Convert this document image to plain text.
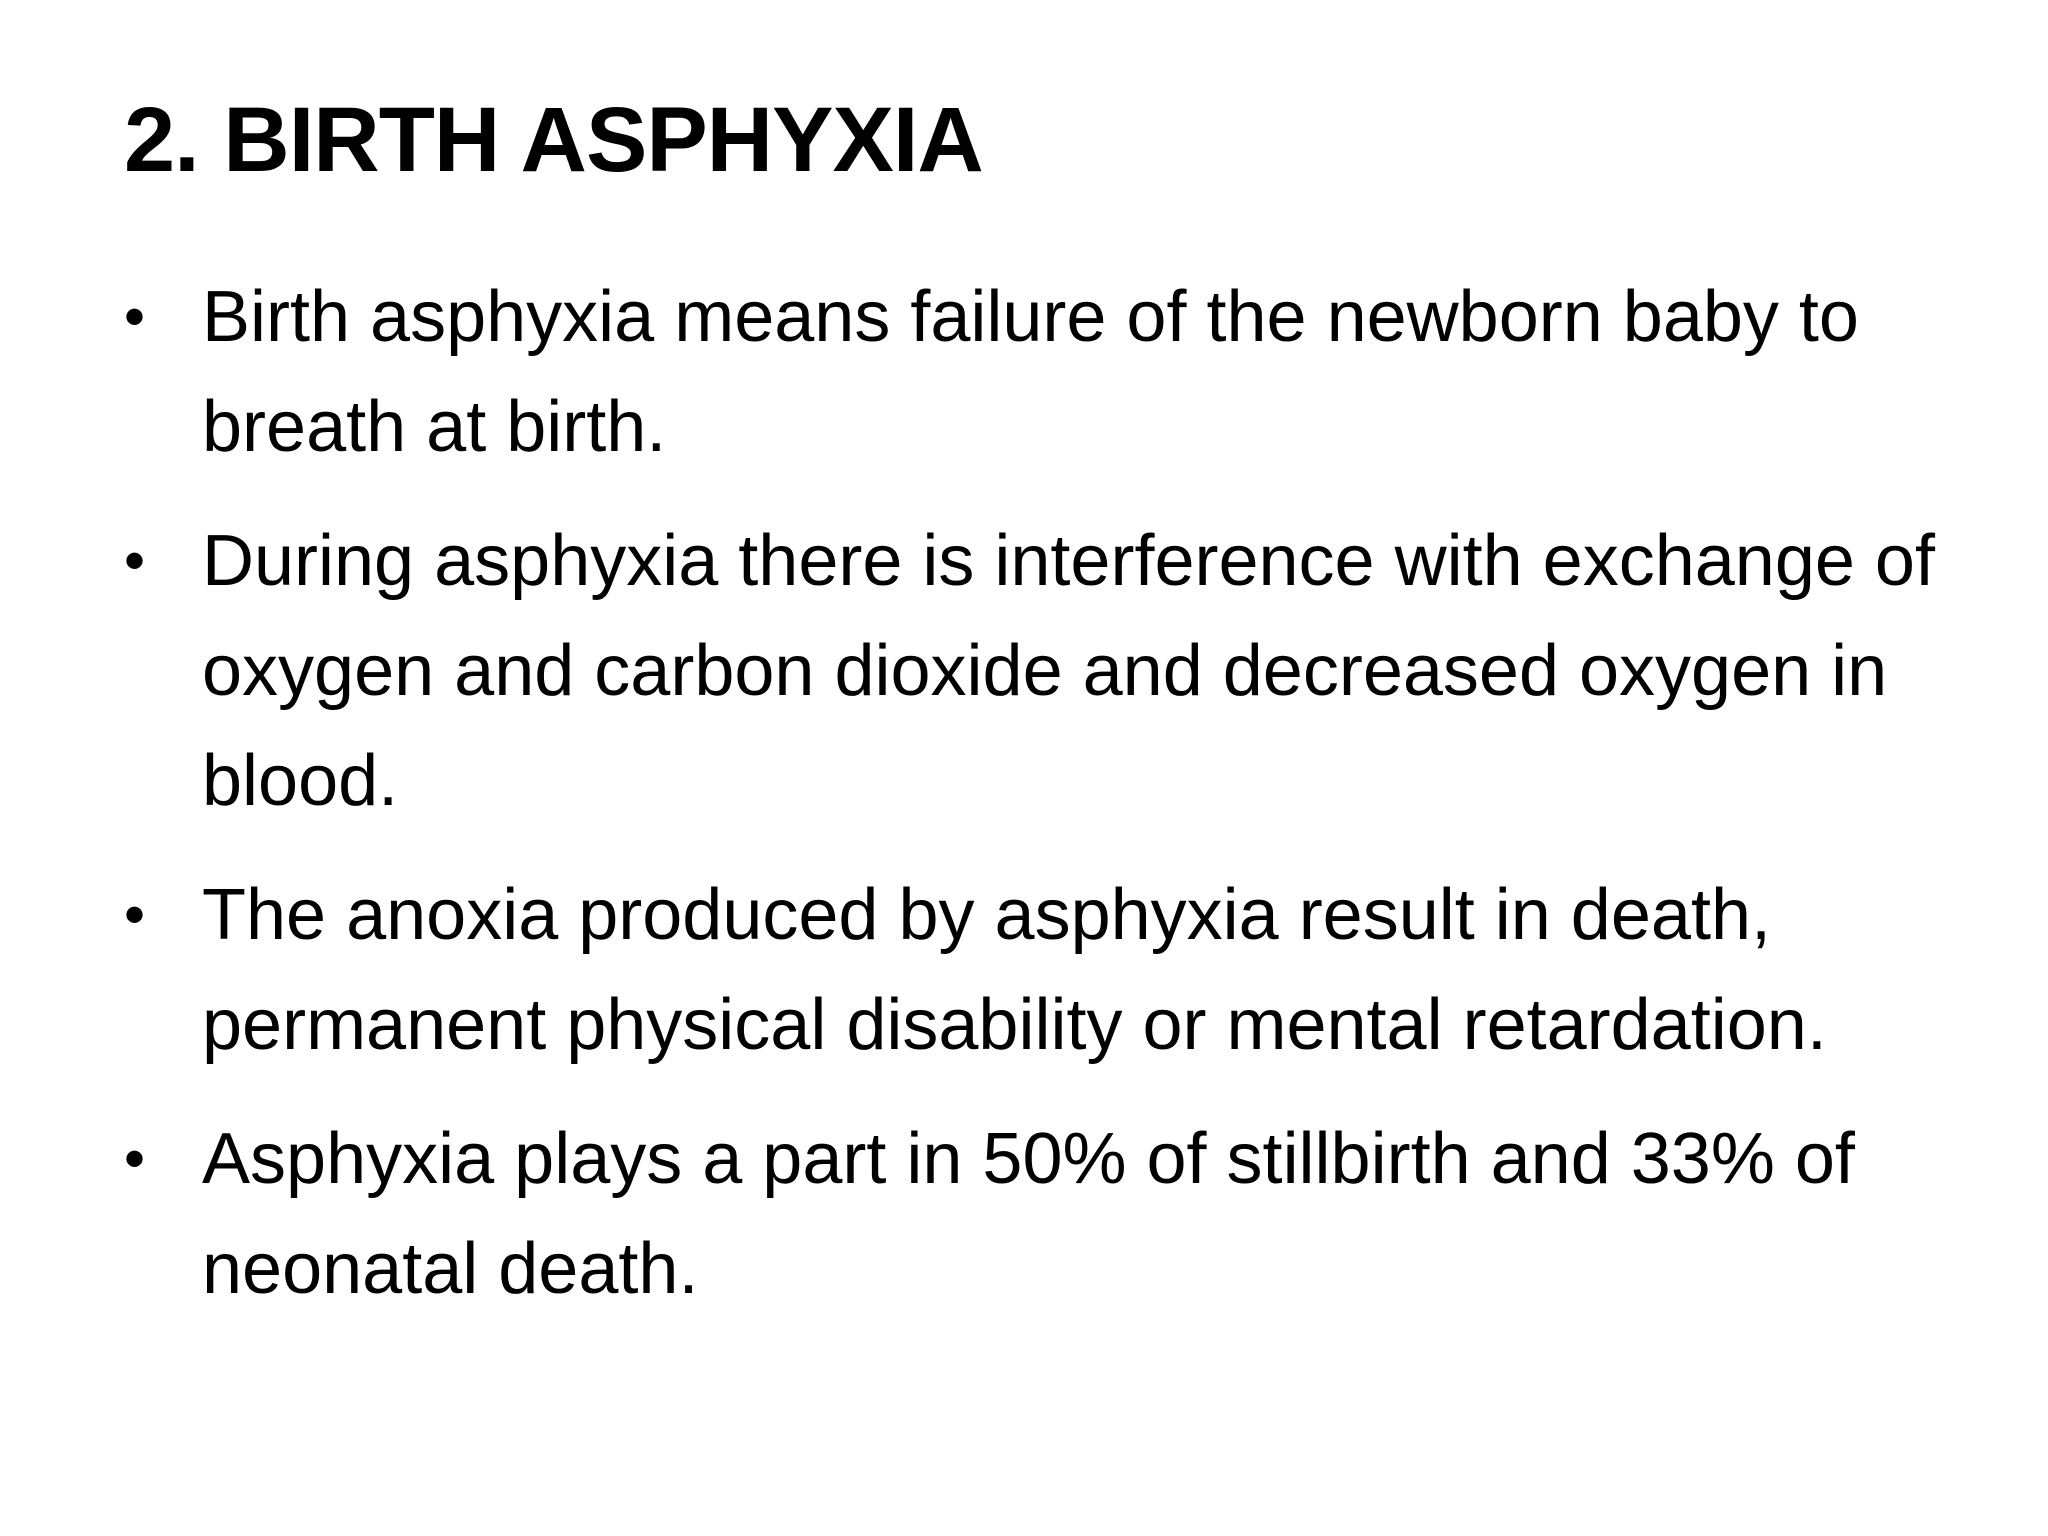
2. BIRTH ASPHYXIA
• Birth asphyxia means failure of the newborn baby to breath at birth.
• During asphyxia there is interference with exchange of oxygen and carbon dioxide and decreased oxygen in blood.
• The anoxia produced by asphyxia result in death, permanent physical disability or mental retardation.
• Asphyxia plays a part in 50% of stillbirth and 33% of neonatal death.
